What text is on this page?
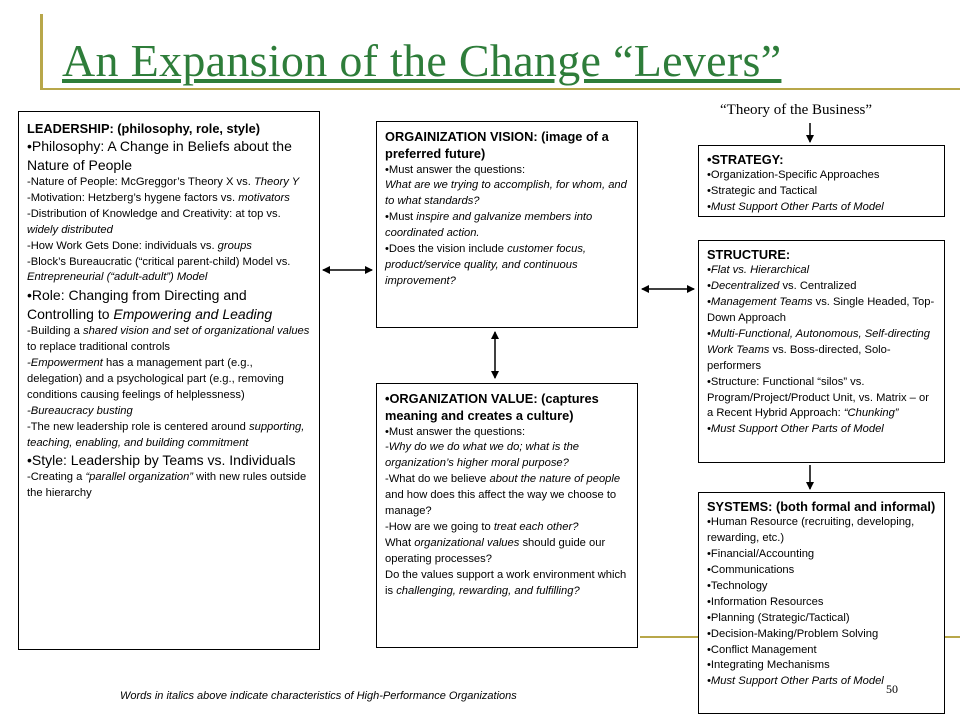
An Expansion of the Change “Levers”
“Theory of the Business”

LEADERSHIP: (philosophy, role, style)

•Philosophy: A Change in Beliefs about the Nature of People

-Nature of People: McGreggor’s Theory X vs. Theory Y

-Motivation: Hetzberg’s hygene factors vs. motivators

-Distribution of Knowledge and Creativity: at top vs. widely distributed

-How Work Gets Done: individuals vs. groups

-Block’s Bureaucratic (“critical parent-child) Model vs. Entrepreneurial (“adult-adult”) Model

•Role: Changing from Directing and Controlling to Empowering and Leading

-Building a shared vision and set of organizational values to replace traditional controls

-Empowerment has a management part (e.g., delegation) and a psychological part (e.g., removing conditions causing feelings of helplessness)

-Bureaucracy busting

-The new leadership role is centered around supporting, teaching, enabling, and building commitment

•Style: Leadership by Teams vs. Individuals

-Creating a “parallel organization” with new rules outside the hierarchy

ORGAINIZATION VISION: (image of a preferred future)

•Must answer the questions:

What are we trying to accomplish, for whom, and to what standards?

•Must inspire and galvanize members into coordinated action.

•Does the vision include customer focus, product/service quality, and continuous improvement?

•ORGANIZATION VALUE: (captures meaning and creates a culture)

•Must answer the questions:

-Why do we do what we do; what is the organization’s higher moral purpose?

-What do we believe about the nature of people and how does this affect the way we choose to manage?

-How are we going to treat each other?

What organizational values should guide our operating processes?

Do the values support a work environment which is challenging, rewarding, and fulfilling?

•STRATEGY:

•Organization-Specific Approaches

•Strategic and Tactical

•Must Support Other Parts of Model

STRUCTURE:

•Flat vs. Hierarchical

•Decentralized vs. Centralized

•Management Teams vs. Single Headed, Top-Down Approach

•Multi-Functional, Autonomous, Self-directing Work Teams vs. Boss-directed, Solo-performers

•Structure: Functional “silos” vs. Program/Project/Product Unit, vs. Matrix – or a Recent Hybrid Approach: “Chunking”

•Must Support Other Parts of Model

SYSTEMS: (both formal and informal)

•Human Resource (recruiting, developing, rewarding, etc.)

•Financial/Accounting

•Communications

•Technology

•Information Resources

•Planning (Strategic/Tactical)

•Decision-Making/Problem Solving

•Conflict Management

•Integrating Mechanisms

•Must Support Other Parts of Model

Words in italics above indicate characteristics of High-Performance Organizations	50
